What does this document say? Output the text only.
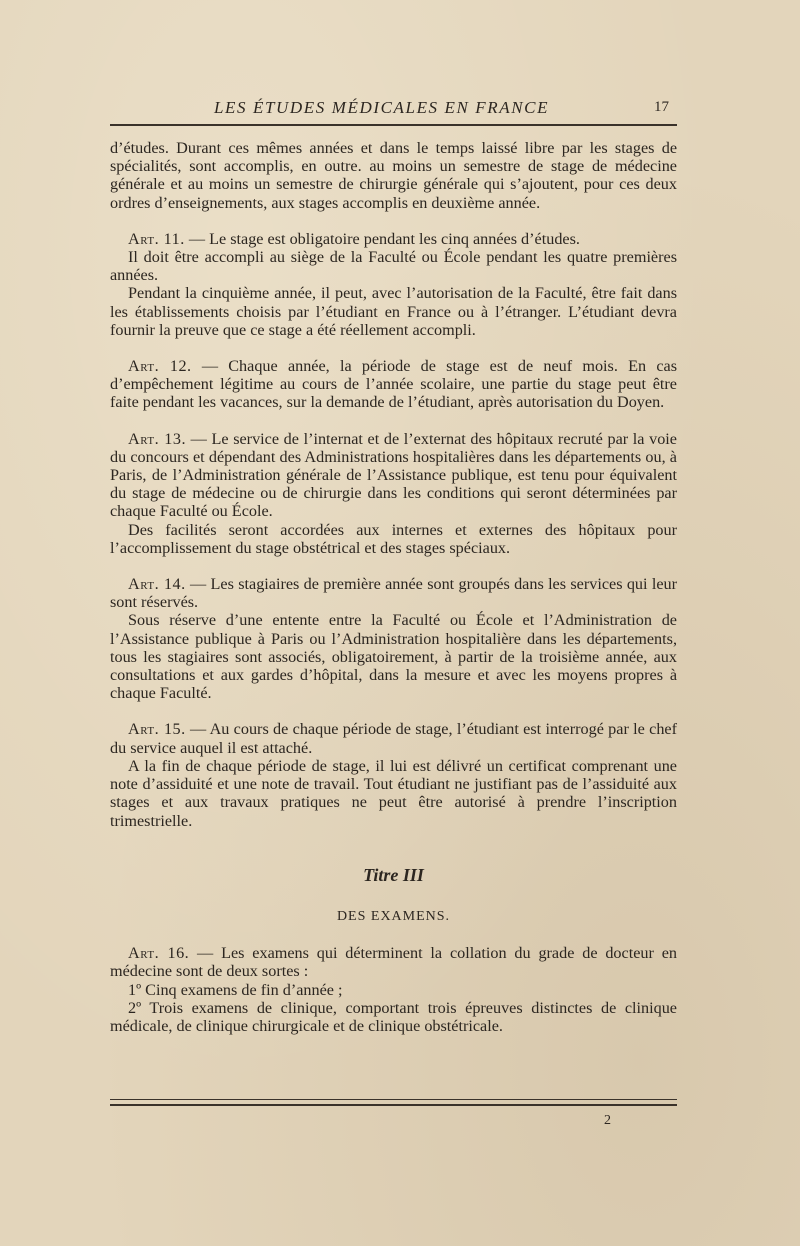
LES ÉTUDES MÉDICALES EN FRANCE	17

d’études. Durant ces mêmes années et dans le temps laissé libre par les stages de spécialités, sont accomplis, en outre. au moins un semestre de stage de médecine générale et au moins un semestre de chirurgie générale qui s’ajoutent, pour ces deux ordres d’enseignements, aux stages accomplis en deuxième année.

Art. 11. — Le stage est obligatoire pendant les cinq années d’études.

Il doit être accompli au siège de la Faculté ou École pendant les quatre premières années.

Pendant la cinquième année, il peut, avec l’autorisation de la Faculté, être fait dans les établissements choisis par l’étudiant en France ou à l’étranger. L’étudiant devra fournir la preuve que ce stage a été réellement accompli.

Art. 12. — Chaque année, la période de stage est de neuf mois. En cas d’empêchement légitime au cours de l’année scolaire, une partie du stage peut être faite pendant les vacances, sur la demande de l’étudiant, après autorisation du Doyen.

Art. 13. — Le service de l’internat et de l’externat des hôpitaux recruté par la voie du concours et dépendant des Administrations hospitalières dans les départements ou, à Paris, de l’Administration générale de l’Assistance publique, est tenu pour équivalent du stage de médecine ou de chirurgie dans les conditions qui seront déterminées par chaque Faculté ou École.

Des facilités seront accordées aux internes et externes des hôpitaux pour l’accomplissement du stage obstétrical et des stages spéciaux.

Art. 14. — Les stagiaires de première année sont groupés dans les services qui leur sont réservés.

Sous réserve d’une entente entre la Faculté ou École et l’Administration de l’Assistance publique à Paris ou l’Administration hospitalière dans les départements, tous les stagiaires sont associés, obligatoirement, à partir de la troisième année, aux consultations et aux gardes d’hôpital, dans la mesure et avec les moyens propres à chaque Faculté.

Art. 15. — Au cours de chaque période de stage, l’étudiant est interrogé par le chef du service auquel il est attaché.

A la fin de chaque période de stage, il lui est délivré un certificat comprenant une note d’assiduité et une note de travail. Tout étudiant ne justifiant pas de l’assiduité aux stages et aux travaux pratiques ne peut être autorisé à prendre l’inscription trimestrielle.

Titre III

DES EXAMENS.

Art. 16. — Les examens qui déterminent la collation du grade de docteur en médecine sont de deux sortes :

1º Cinq examens de fin d’année ;

2º Trois examens de clinique, comportant trois épreuves distinctes de clinique médicale, de clinique chirurgicale et de clinique obstétricale.

2
